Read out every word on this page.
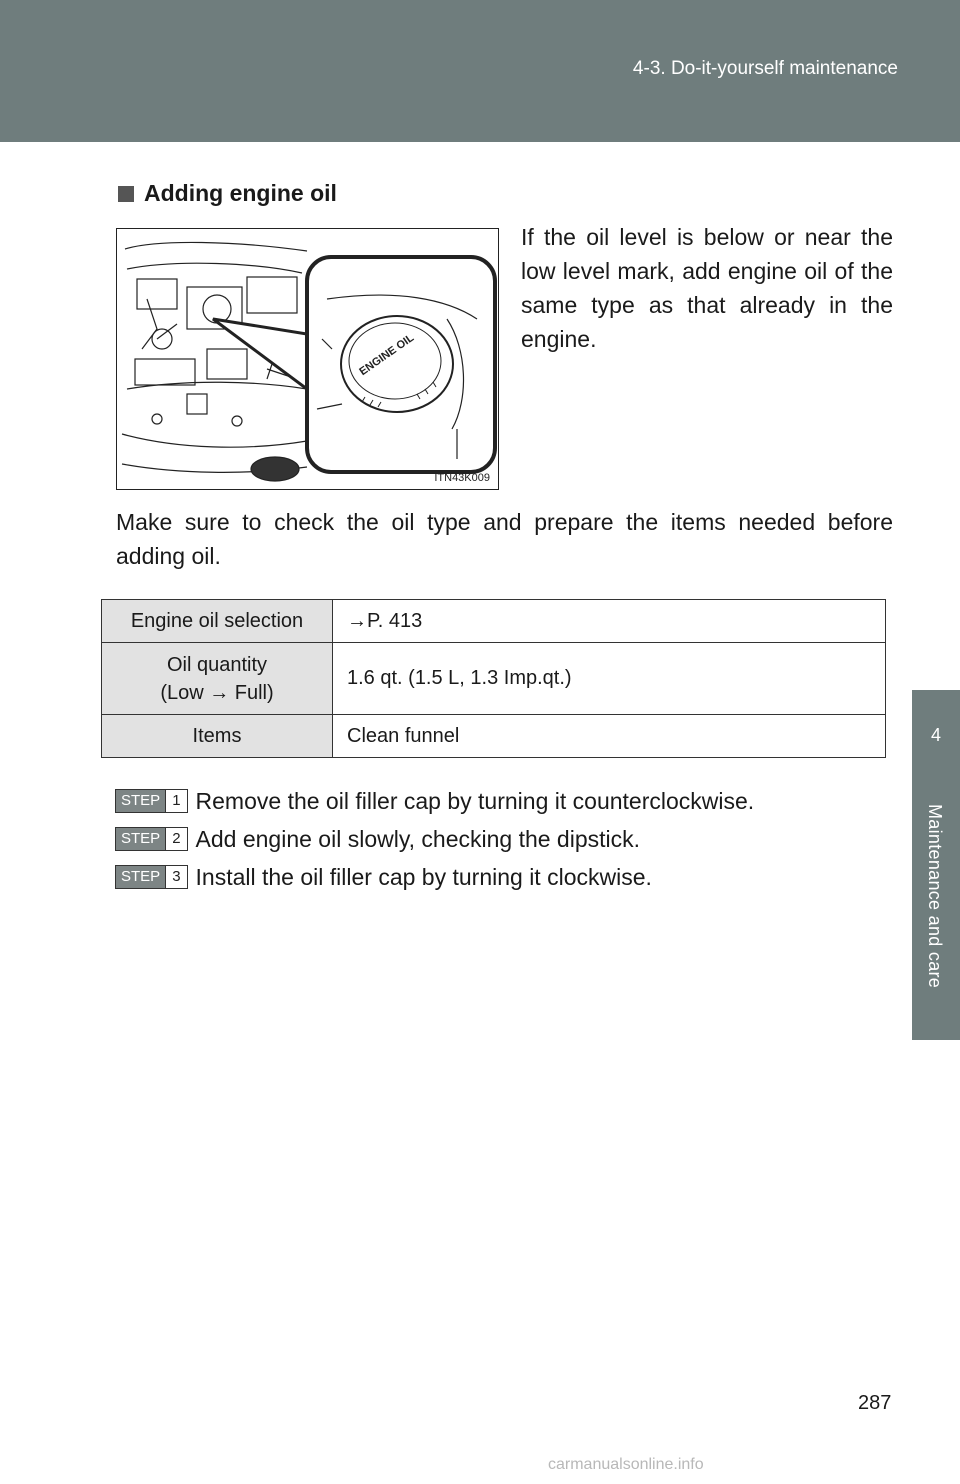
4-3. Do-it-yourself maintenance
4
Maintenance and care
Adding engine oil
ENGINE OIL
ITN43K009
If the oil level is below or near the low level mark, add engine oil of the same type as that already in the engine.
Make sure to check the oil type and prepare the items needed before adding oil.
Engine oil selection	→P. 413

Oil quantity
(Low → Full)	1.6 qt. (1.5 L, 1.3 Imp.qt.)
Items	Clean funnel
STEP 1 Remove the oil filler cap by turning it counterclockwise.
STEP 2 Add engine oil slowly, checking the dipstick.
STEP 3 Install the oil filler cap by turning it clockwise.
287
carmanualsonline.info
